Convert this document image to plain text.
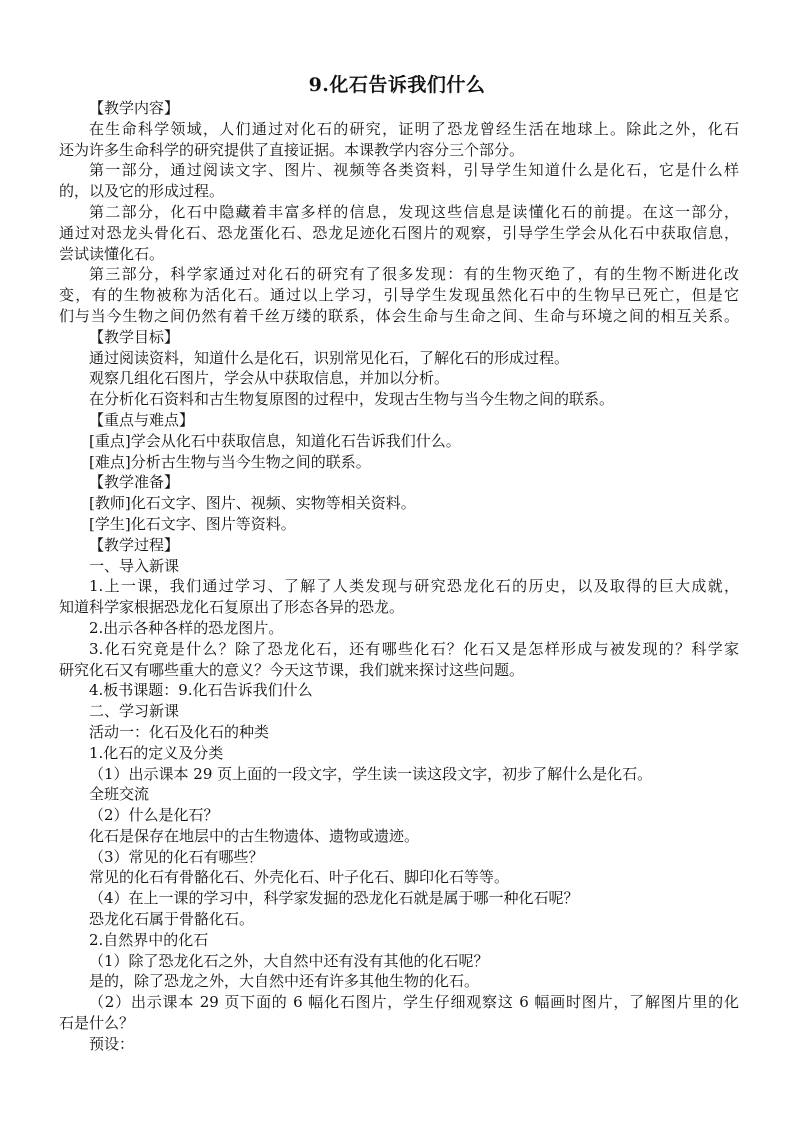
9.化石告诉我们什么
【教学内容】
在生命科学领域，人们通过对化石的研究，证明了恐龙曾经生活在地球上。除此之外，化石
还为许多生命科学的研究提供了直接证据。本课教学内容分三个部分。
第一部分，通过阅读文字、图片、视频等各类资料，引导学生知道什么是化石，它是什么样
的，以及它的形成过程。
第二部分，化石中隐藏着丰富多样的信息，发现这些信息是读懂化石的前提。在这一部分，
通过对恐龙头骨化石、恐龙蛋化石、恐龙足迹化石图片的观察，引导学生学会从化石中获取信息，
尝试读懂化石。
第三部分，科学家通过对化石的研究有了很多发现：有的生物灭绝了，有的生物不断进化改
变，有的生物被称为活化石。通过以上学习，引导学生发现虽然化石中的生物早已死亡，但是它
们与当今生物之间仍然有着千丝万缕的联系，体会生命与生命之间、生命与环境之间的相互关系。
【教学目标】
通过阅读资料，知道什么是化石，识别常见化石，了解化石的形成过程。
观察几组化石图片，学会从中获取信息，并加以分析。
在分析化石资料和古生物复原图的过程中，发现古生物与当今生物之间的联系。
【重点与难点】
[重点]学会从化石中获取信息，知道化石告诉我们什么。
[难点]分析古生物与当今生物之间的联系。
【教学准备】
[教师]化石文字、图片、视频、实物等相关资料。
[学生]化石文字、图片等资料。
【教学过程】
一、导入新课
1.上一课，我们通过学习、了解了人类发现与研究恐龙化石的历史，以及取得的巨大成就，
知道科学家根据恐龙化石复原出了形态各异的恐龙。
2.出示各种各样的恐龙图片。
3.化石究竟是什么？除了恐龙化石，还有哪些化石？化石又是怎样形成与被发现的？科学家
研究化石又有哪些重大的意义？今天这节课，我们就来探讨这些问题。
4.板书课题：9.化石告诉我们什么
二、学习新课
活动一：化石及化石的种类
1.化石的定义及分类
（1）出示课本 29 页上面的一段文字，学生读一读这段文字，初步了解什么是化石。
全班交流
（2）什么是化石？
化石是保存在地层中的古生物遗体、遗物或遗迹。
（3）常见的化石有哪些？
常见的化石有骨骼化石、外壳化石、叶子化石、脚印化石等等。
（4）在上一课的学习中，科学家发掘的恐龙化石就是属于哪一种化石呢？
恐龙化石属于骨骼化石。
2.自然界中的化石
（1）除了恐龙化石之外，大自然中还有没有其他的化石呢？
是的，除了恐龙之外，大自然中还有许多其他生物的化石。
（2）出示课本 29 页下面的 6 幅化石图片，学生仔细观察这 6 幅画时图片，了解图片里的化
石是什么？
预设：
